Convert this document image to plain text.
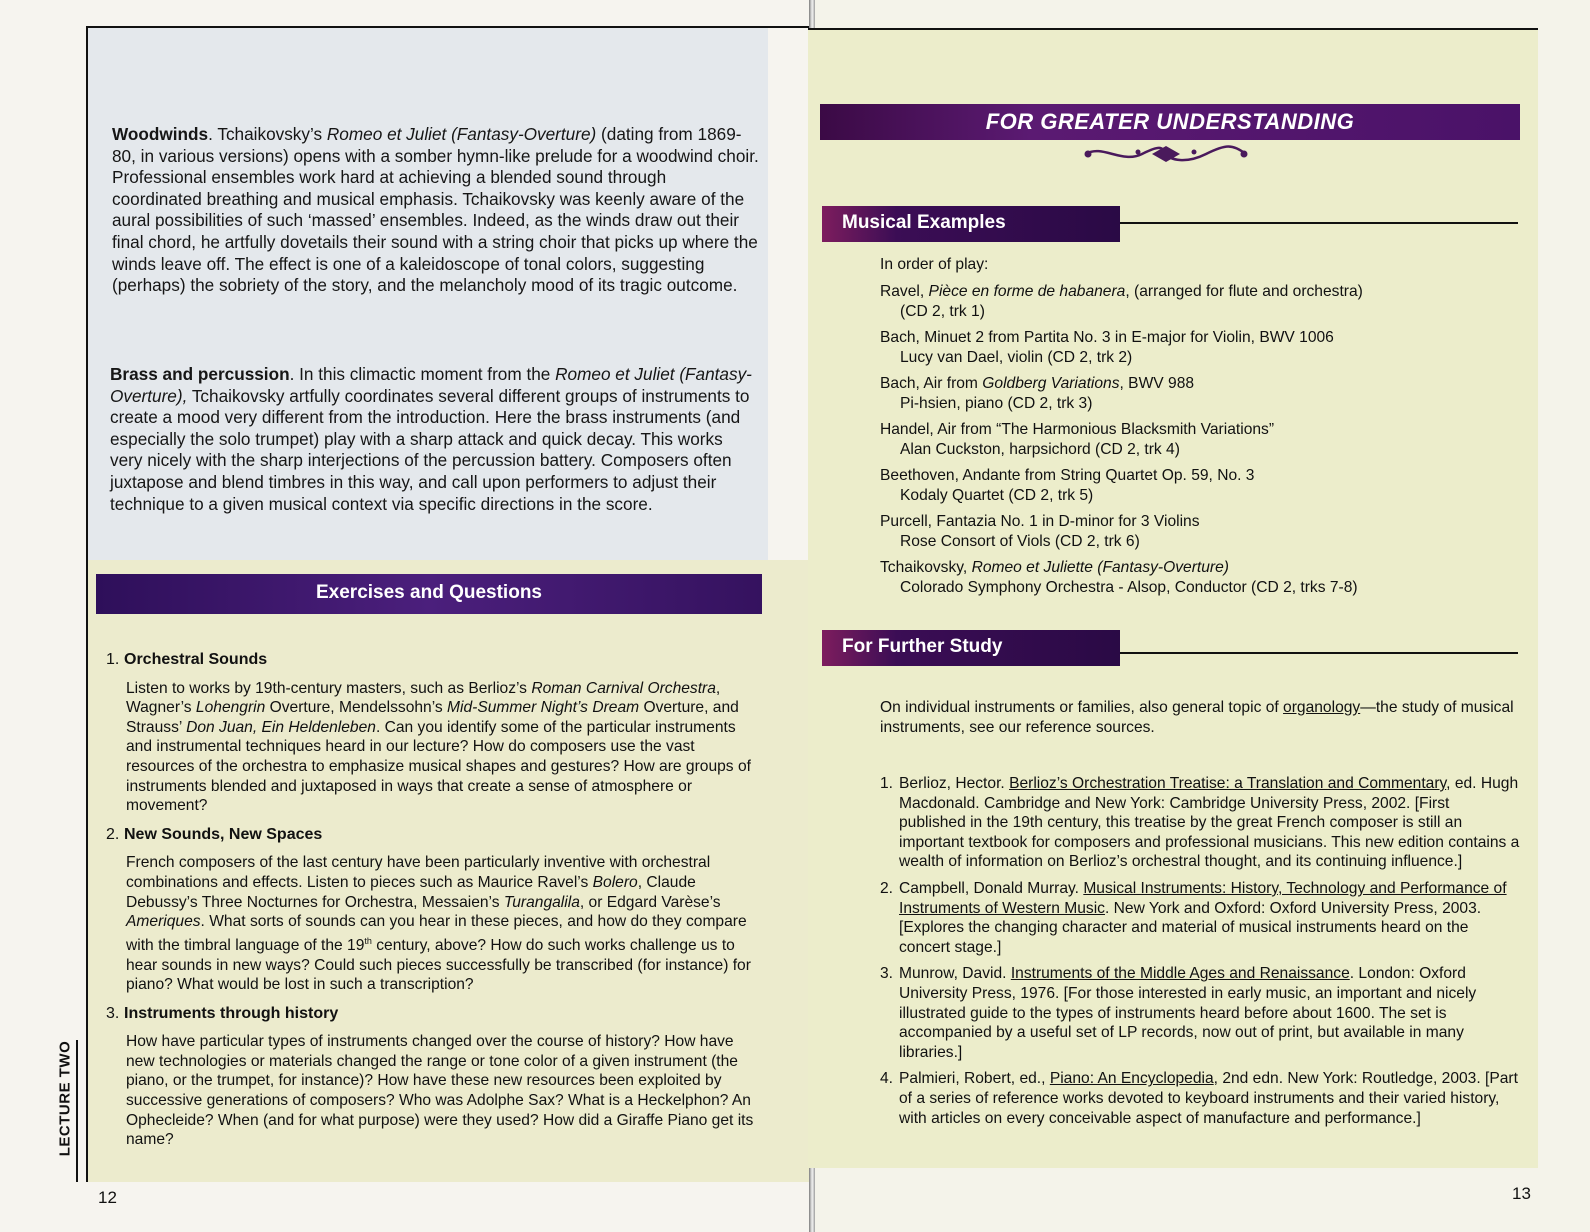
Woodwinds. Tchaikovsky’s Romeo et Juliet (Fantasy-Overture) (dating from 1869-80, in various versions) opens with a somber hymn-like prelude for a woodwind choir. Professional ensembles work hard at achieving a blended sound through coordinated breathing and musical emphasis. Tchaikovsky was keenly aware of the aural possibilities of such ‘massed’ ensembles. Indeed, as the winds draw out their final chord, he artfully dovetails their sound with a string choir that picks up where the winds leave off. The effect is one of a kaleidoscope of tonal colors, suggesting (perhaps) the sobriety of the story, and the melancholy mood of its tragic outcome.
Brass and percussion. In this climactic moment from the Romeo et Juliet (Fantasy-Overture), Tchaikovsky artfully coordinates several different groups of instruments to create a mood very different from the introduction. Here the brass instruments (and especially the solo trumpet) play with a sharp attack and quick decay. This works very nicely with the sharp interjections of the percussion battery. Composers often juxtapose and blend timbres in this way, and call upon performers to adjust their technique to a given musical context via specific directions in the score.
Exercises and Questions
1. Orchestral Sounds
Listen to works by 19th-century masters, such as Berlioz’s Roman Carnival Orchestra, Wagner’s Lohengrin Overture, Mendelssohn’s Mid-Summer Night’s Dream Overture, and Strauss’ Don Juan, Ein Heldenleben. Can you identify some of the particular instruments and instrumental techniques heard in our lecture? How do composers use the vast resources of the orchestra to emphasize musical shapes and gestures? How are groups of instruments blended and juxtaposed in ways that create a sense of atmosphere or movement?
2. New Sounds, New Spaces
French composers of the last century have been particularly inventive with orchestral combinations and effects. Listen to pieces such as Maurice Ravel’s Bolero, Claude Debussy’s Three Nocturnes for Orchestra, Messaien’s Turangalila, or Edgard Varèse’s Ameriques. What sorts of sounds can you hear in these pieces, and how do they compare with the timbral language of the 19th century, above? How do such works challenge us to hear sounds in new ways? Could such pieces successfully be transcribed (for instance) for piano? What would be lost in such a transcription?
3. Instruments through history
How have particular types of instruments changed over the course of history? How have new technologies or materials changed the range or tone color of a given instrument (the piano, or the trumpet, for instance)? How have these new resources been exploited by successive generations of composers? Who was Adolphe Sax? What is a Heckelphon? An Ophecleide? When (and for what purpose) were they used? How did a Giraffe Piano get its name?
LECTURE TWO
12
FOR GREATER UNDERSTANDING
Musical Examples
In order of play:
Ravel, Pièce en forme de habanera, (arranged for flute and orchestra)
(CD 2, trk 1)
Bach, Minuet 2 from Partita No. 3 in E-major for Violin, BWV 1006
Lucy van Dael, violin (CD 2, trk 2)
Bach, Air from Goldberg Variations, BWV 988
Pi-hsien, piano (CD 2, trk 3)
Handel, Air from “The Harmonious Blacksmith Variations”
Alan Cuckston, harpsichord (CD 2, trk 4)
Beethoven, Andante from String Quartet Op. 59, No. 3
Kodaly Quartet (CD 2, trk 5)
Purcell, Fantazia No. 1 in D-minor for 3 Violins
Rose Consort of Viols (CD 2, trk 6)
Tchaikovsky, Romeo et Juliette (Fantasy-Overture)
Colorado Symphony Orchestra - Alsop, Conductor (CD 2, trks 7-8)
For Further Study
On individual instruments or families, also general topic of organology—the study of musical instruments, see our reference sources.
1. Berlioz, Hector. Berlioz’s Orchestration Treatise: a Translation and Commentary, ed. Hugh Macdonald. Cambridge and New York: Cambridge University Press, 2002. [First published in the 19th century, this treatise by the great French composer is still an important textbook for composers and professional musicians. This new edition contains a wealth of information on Berlioz’s orchestral thought, and its continuing influence.]
2. Campbell, Donald Murray. Musical Instruments: History, Technology and Performance of Instruments of Western Music. New York and Oxford: Oxford University Press, 2003. [Explores the changing character and material of musical instruments heard on the concert stage.]
3. Munrow, David. Instruments of the Middle Ages and Renaissance. London: Oxford University Press, 1976. [For those interested in early music, an important and nicely illustrated guide to the types of instruments heard before about 1600. The set is accompanied by a useful set of LP records, now out of print, but available in many libraries.]
4. Palmieri, Robert, ed., Piano: An Encyclopedia, 2nd edn. New York: Routledge, 2003. [Part of a series of reference works devoted to keyboard instruments and their varied history, with articles on every conceivable aspect of manufacture and performance.]
13
